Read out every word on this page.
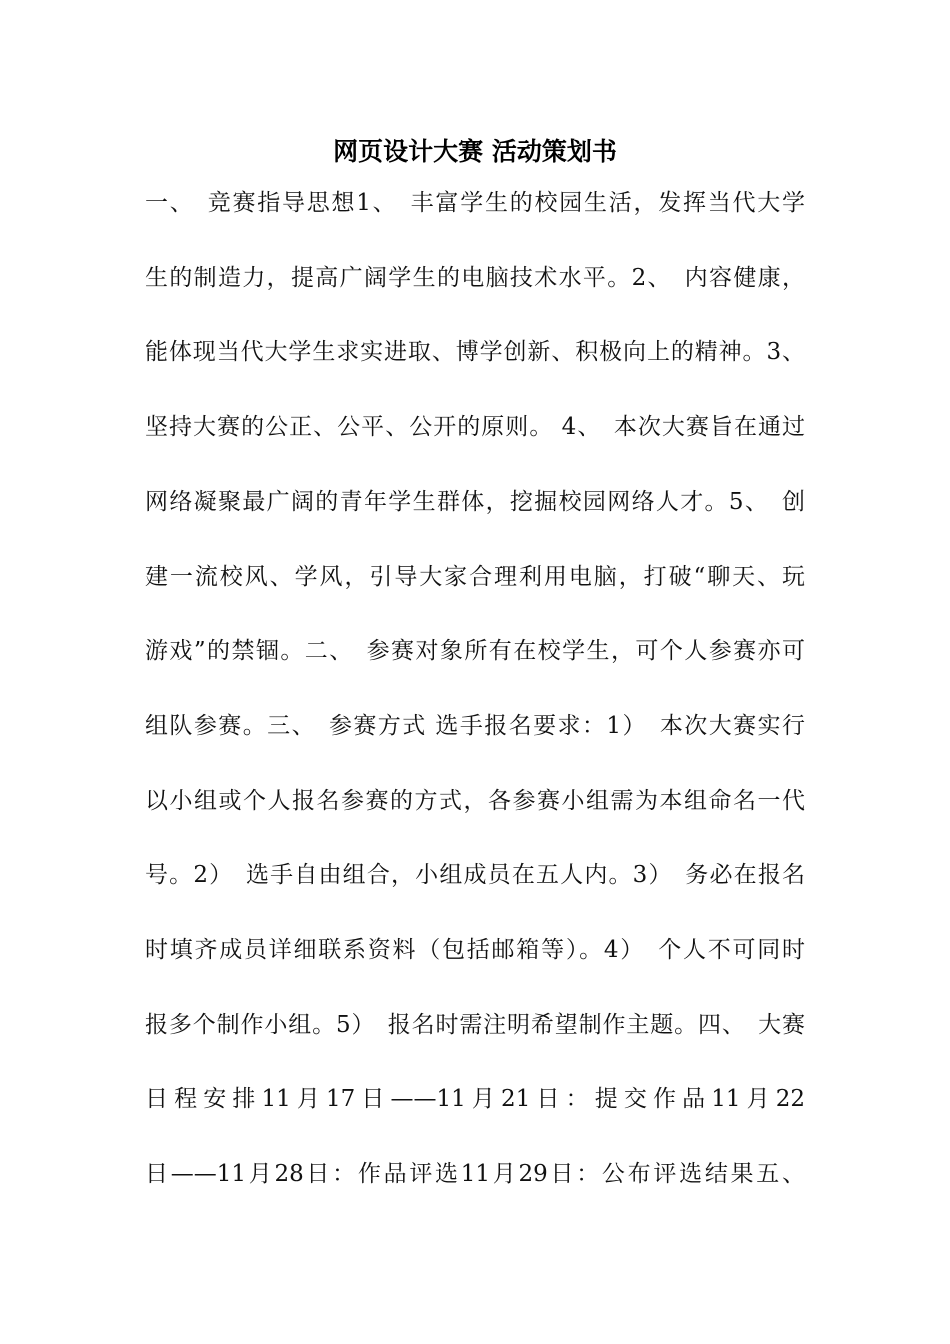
网页设计大赛 活动策划书
一、　竞赛指导思想1、　丰富学生的校园生活，发挥当代大学
生的制造力，提高广阔学生的电脑技术水平。2、　内容健康，
能体现当代大学生求实进取、博学创新、积极向上的精神。3、
坚持大赛的公正、公平、公开的原则。 4、　本次大赛旨在通过
网络凝聚最广阔的青年学生群体，挖掘校园网络人才。5、　创
建一流校风、学风，引导大家合理利用电脑，打破“聊天、玩
游戏”的禁锢。二、　参赛对象所有在校学生，可个人参赛亦可
组队参赛。三、　参赛方式 选手报名要求：1）　本次大赛实行
以小组或个人报名参赛的方式，各参赛小组需为本组命名一代
号。2）　选手自由组合，小组成员在五人内。3）　务必在报名
时填齐成员详细联系资料（包括邮箱等）。4）　个人不可同时
报多个制作小组。5）　报名时需注明希望制作主题。四、　大赛
日程安排11月17日——11月21日：提交作品11月22
日——11月28日：作品评选11月29日：公布评选结果五、
